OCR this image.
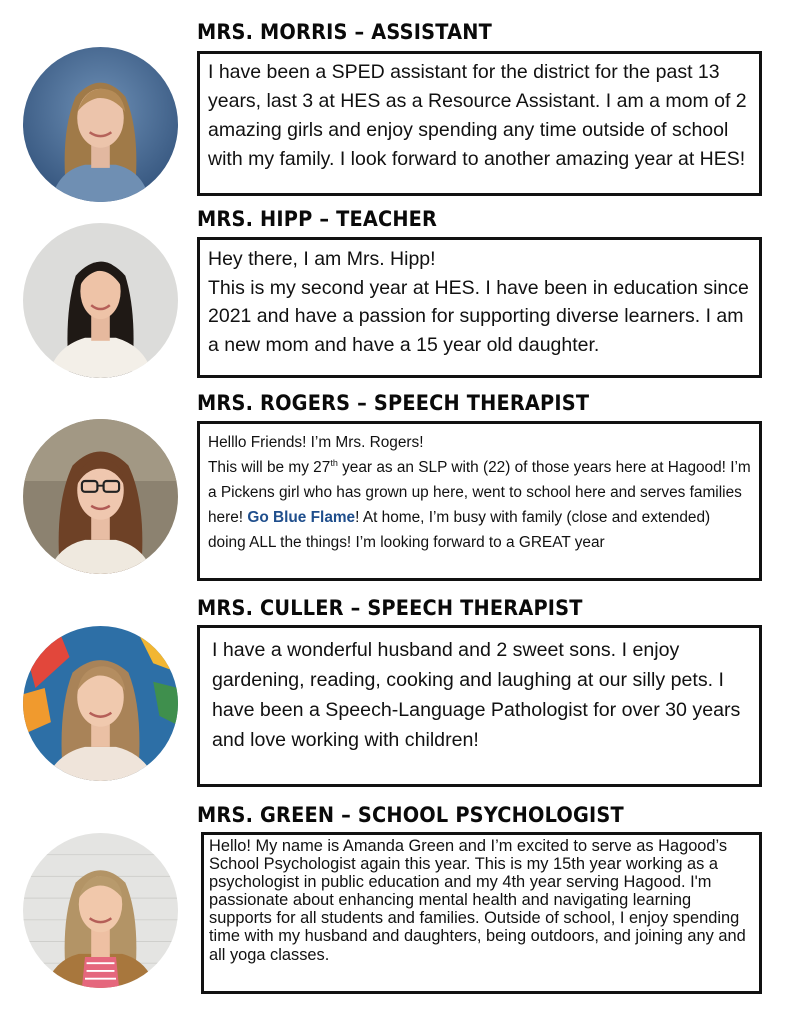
MRS. MORRIS – ASSISTANT

I have been a SPED assistant for the district for the past 13 years, last 3 at HES as a Resource Assistant. I am a mom of 2 amazing girls and enjoy spending any time outside of school with my family. I look forward to another amazing year at HES!

MRS. HIPP – TEACHER

Hey there, I am Mrs. Hipp!

This is my second year at HES. I have been in education since 2021 and have a passion for supporting diverse learners. I am a new mom and have a 15 year old daughter.

MRS. ROGERS – SPEECH THERAPIST

Helllo Friends! I’m Mrs. Rogers!

This will be my 27th year as an SLP with (22) of those years here at Hagood! I’m a Pickens girl who has grown up here, went to school here and serves families here! Go Blue Flame! At home, I’m busy with family (close and extended) doing ALL the things! I’m looking forward to a GREAT year

MRS. CULLER – SPEECH THERAPIST

I have a wonderful husband and 2 sweet sons. I enjoy gardening, reading, cooking and laughing at our silly pets. I have been a Speech-Language Pathologist for over 30 years and love working with children!

MRS. GREEN – SCHOOL PSYCHOLOGIST

Hello! My name is Amanda Green and I’m excited to serve as Hagood’s School Psychologist again this year. This is my 15th year working as a psychologist in public education and my 4th year serving Hagood. I'm passionate about enhancing mental health and navigating learning supports for all students and families. Outside of school, I enjoy spending time with my husband and daughters, being outdoors, and joining any and all yoga classes.
